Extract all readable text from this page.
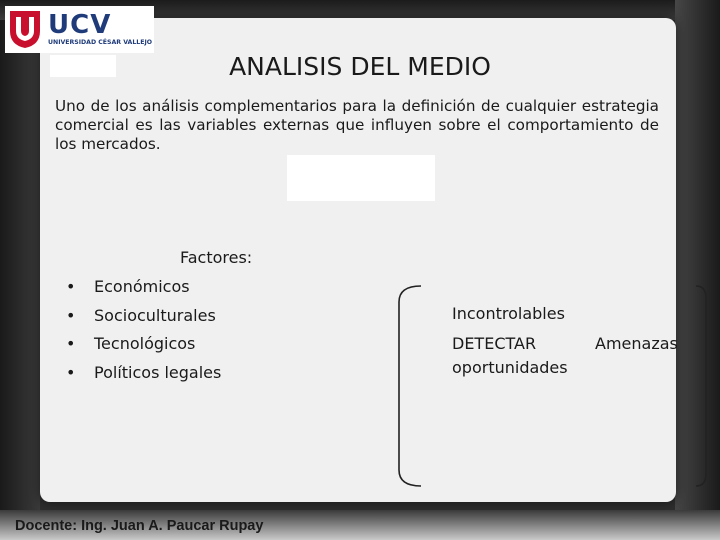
UCV
UNIVERSIDAD CÉSAR VALLEJO
ANALISIS DEL MEDIO
Uno de los análisis complementarios para la definición de cualquier estrategia comercial es las variables externas que influyen sobre el comportamiento de los mercados.
Factores:
• Económicos
• Socioculturales
• Tecnológicos
• Políticos legales
Incontrolables
DETECTAR	Amenazas
oportunidades
Docente: Ing. Juan A. Paucar Rupay
